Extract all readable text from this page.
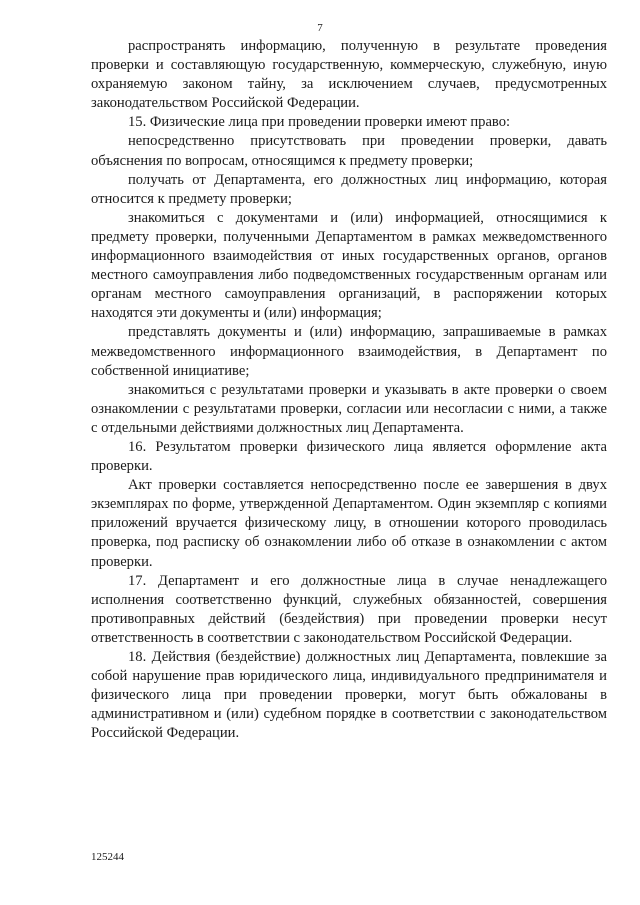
7

распространять информацию, полученную в результате проведения проверки и составляющую государственную, коммерческую, служебную, иную охраняемую законом тайну, за исключением случаев, предусмотренных законодательством Российской Федерации.

15. Физические лица при проведении проверки имеют право:

непосредственно присутствовать при проведении проверки, давать объяснения по вопросам, относящимся к предмету проверки;

получать от Департамента, его должностных лиц информацию, которая относится к предмету проверки;

знакомиться с документами и (или) информацией, относящимися к предмету проверки, полученными Департаментом в рамках межведомственного информационного взаимодействия от иных государственных органов, органов местного самоуправления либо подведомственных государственным органам или органам местного самоуправления организаций, в распоряжении которых находятся эти документы и (или) информация;

представлять документы и (или) информацию, запрашиваемые в рамках межведомственного информационного взаимодействия, в Департамент по собственной инициативе;

знакомиться с результатами проверки и указывать в акте проверки о своем ознакомлении с результатами проверки, согласии или несогласии с ними, а также с отдельными действиями должностных лиц Департамента.

16. Результатом проверки физического лица является оформление акта проверки.

Акт проверки составляется непосредственно после ее завершения в двух экземплярах по форме, утвержденной Департаментом. Один экземпляр с копиями приложений вручается физическому лицу, в отношении которого проводилась проверка, под расписку об ознакомлении либо об отказе в ознакомлении с актом проверки.

17. Департамент и его должностные лица в случае ненадлежащего исполнения соответственно функций, служебных обязанностей, совершения противоправных действий (бездействия) при проведении проверки несут ответственность в соответствии с законодательством Российской Федерации.

18. Действия (бездействие) должностных лиц Департамента, повлекшие за собой нарушение прав юридического лица, индивидуального предпринимателя и физического лица при проведении проверки, могут быть обжалованы в административном и (или) судебном порядке в соответствии с законодательством Российской Федерации.

125244
